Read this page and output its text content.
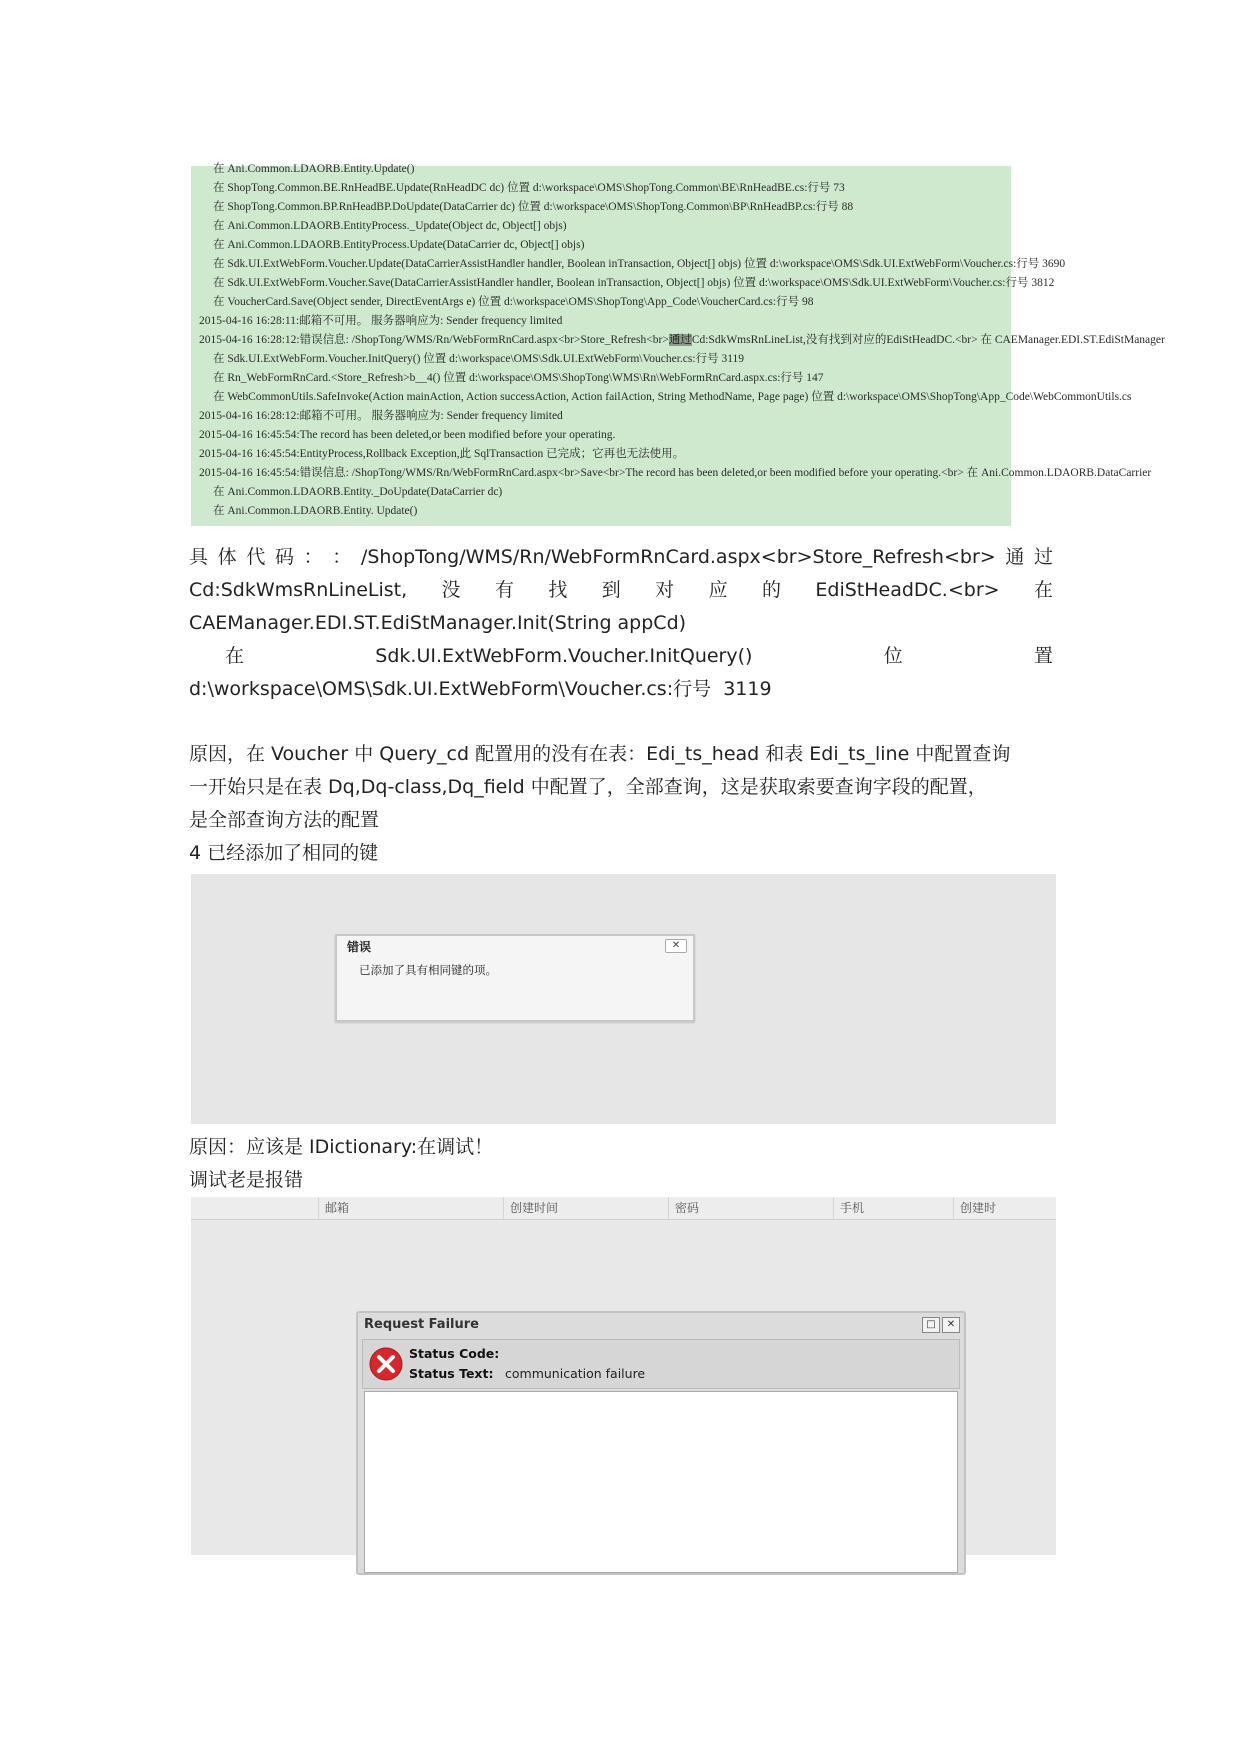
在 Ani.Common.LDAORB.Entity.Update()
在 ShopTong.Common.BE.RnHeadBE.Update(RnHeadDC dc) 位置 d:\workspace\OMS\ShopTong.Common\BE\RnHeadBE.cs:行号 73
在 ShopTong.Common.BP.RnHeadBP.DoUpdate(DataCarrier dc) 位置 d:\workspace\OMS\ShopTong.Common\BP\RnHeadBP.cs:行号 88
在 Ani.Common.LDAORB.EntityProcess._Update(Object dc, Object[] objs)
在 Ani.Common.LDAORB.EntityProcess.Update(DataCarrier dc, Object[] objs)
在 Sdk.UI.ExtWebForm.Voucher.Update(DataCarrierAssistHandler handler, Boolean inTransaction, Object[] objs) 位置 d:\workspace\OMS\Sdk.UI.ExtWebForm\Voucher.cs:行号 3690
在 Sdk.UI.ExtWebForm.Voucher.Save(DataCarrierAssistHandler handler, Boolean inTransaction, Object[] objs) 位置 d:\workspace\OMS\Sdk.UI.ExtWebForm\Voucher.cs:行号 3812
在 VoucherCard.Save(Object sender, DirectEventArgs e) 位置 d:\workspace\OMS\ShopTong\App_Code\VoucherCard.cs:行号 98
2015-04-16 16:28:11:邮箱不可用。 服务器响应为: Sender frequency limited
2015-04-16 16:28:12:错误信息: /ShopTong/WMS/Rn/WebFormRnCard.aspx<br>Store_Refresh<br>通过Cd:SdkWmsRnLineList,没有找到对应的EdiStHeadDC.<br> 在 CAEManager.EDI.ST.EdiStManager
在 Sdk.UI.ExtWebForm.Voucher.InitQuery() 位置 d:\workspace\OMS\Sdk.UI.ExtWebForm\Voucher.cs:行号 3119
在 Rn_WebFormRnCard.<Store_Refresh>b__4() 位置 d:\workspace\OMS\ShopTong\WMS\Rn\WebFormRnCard.aspx.cs:行号 147
在 WebCommonUtils.SafeInvoke(Action mainAction, Action successAction, Action failAction, String MethodName, Page page) 位置 d:\workspace\OMS\ShopTong\App_Code\WebCommonUtils.cs
2015-04-16 16:28:12:邮箱不可用。 服务器响应为: Sender frequency limited
2015-04-16 16:45:54:The record has been deleted,or been modified before your operating.
2015-04-16 16:45:54:EntityProcess,Rollback Exception,此 SqlTransaction 已完成；它再也无法使用。
2015-04-16 16:45:54:错误信息: /ShopTong/WMS/Rn/WebFormRnCard.aspx<br>Save<br>The record has been deleted,or been modified before your operating.<br> 在 Ani.Common.LDAORB.DataCarrier
在 Ani.Common.LDAORB.Entity._DoUpdate(DataCarrier dc)
在 Ani.Common.LDAORB.Entity. Update()
具 体 代 码 ： ： /ShopTong/WMS/Rn/WebFormRnCard.aspx<br>Store_Refresh<br> 通 过
Cd:SdkWmsRnLineList, 没 有 找 到 对 应 的 EdiStHeadDC.<br> 在
CAEManager.EDI.ST.EdiStManager.Init(String appCd)
在	Sdk.UI.ExtWebForm.Voucher.InitQuery()	位	置
d:\workspace\OMS\Sdk.UI.ExtWebForm\Voucher.cs:行号  3119
原因，在 Voucher 中 Query_cd 配置用的没有在表：Edi_ts_head 和表 Edi_ts_line 中配置查询
一开始只是在表 Dq,Dq-class,Dq_field 中配置了，全部查询，这是获取索要查询字段的配置，
是全部查询方法的配置
4 已经添加了相同的键
错误	✕
已添加了具有相同键的项。
原因：应该是 IDictionary:在调试！
调试老是报错
邮箱	创建时间	密码	手机	创建时
Request Failure	□	✕
Status Code:
Status Text: communication failure
